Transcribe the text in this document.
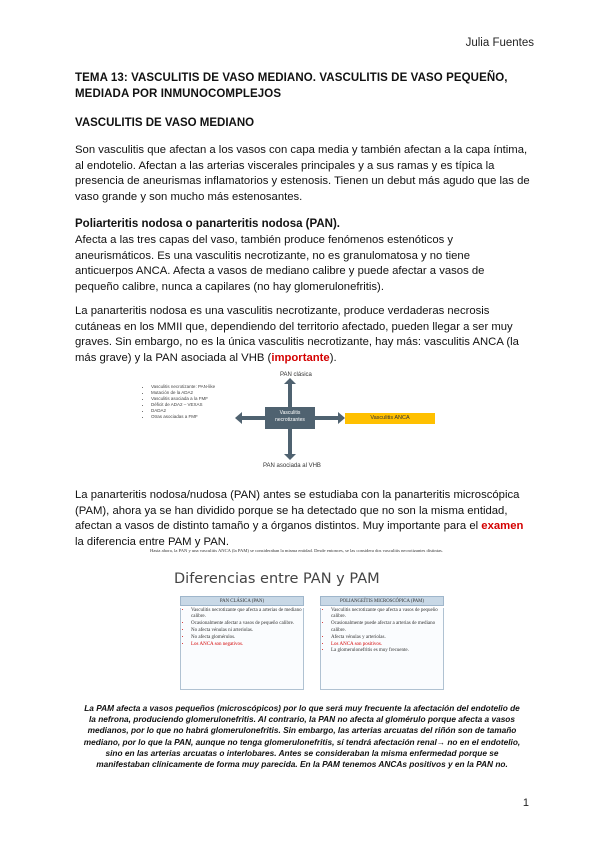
Julia Fuentes
TEMA 13: VASCULITIS DE VASO MEDIANO. VASCULITIS DE VASO PEQUEÑO, MEDIADA POR INMUNOCOMPLEJOS
VASCULITIS DE VASO MEDIANO
Son vasculitis que afectan a los vasos con capa media y también afectan a la capa íntima, al endotelio. Afectan a las arterias viscerales principales y a sus ramas y es típica la presencia de aneurismas inflamatorios y estenosis. Tienen un debut más agudo que las de vaso grande y son mucho más estenosantes.
Poliarteritis nodosa o panarteritis nodosa (PAN).
Afecta a las tres capas del vaso, también produce fenómenos estenóticos y aneurismáticos. Es una vasculitis necrotizante, no es granulomatosa y no tiene anticuerpos ANCA. Afecta a vasos de mediano calibre y puede afectar a vasos de pequeño calibre, nunca a capilares (no hay glomerulonefritis).
La panarteritis nodosa es una vasculitis necrotizante, produce verdaderas necrosis cutáneas en los MMII que, dependiendo del territorio afectado, pueden llegar a ser muy graves. Sin embargo, no es la única vasculitis necrotizante, hay más: vasculitis ANCA (la más grave) y la PAN asociada al VHB (importante).
PAN clásica
• Vasculitis necrotizante: PAN-like
• Mutación de la ADA2
• Vasculitis asociada a la FMF
• Déficit de ADA2 – VEXAS
• DADA2
• Otras asociadas a FMF
Vasculitis necrotizantes	Vasculitis ANCA
PAN asociada al VHB
La panarteritis nodosa/nudosa (PAN) antes se estudiaba con la panarteritis microscópica (PAM), ahora ya se han dividido porque se ha detectado que no son la misma entidad, afectan a vasos de distinto tamaño y a órganos distintos. Muy importante para el examen la diferencia entre PAM y PAN.
Hasta ahora, la PAN y una vasculitis ANCA (la PAM) se consideraban la misma entidad. Desde entonces, se las considera dos vasculitis necrotizantes distintas.
Diferencias entre PAN y PAM
PAN CLÁSICA (PAN)
• Vasculitis necrotizante que afecta a arterias de mediano calibre.
• Ocasionalmente afectar a vasos de pequeño calibre.
• No afecta vénulas ni arteriolas.
• No afecta glomérulos.
• Los ANCA son negativos.
POLIANGEÍTIS MICROSCÓPICA (PAM)
• Vasculitis necrotizante que afecta a vasos de pequeño calibre.
• Ocasionalmente puede afectar a arterias de mediano calibre.
• Afecta vénulas y arteriolas.
• Los ANCA son positivos.
• La glomerulonefritis es muy frecuente.
La PAM afecta a vasos pequeños (microscópicos) por lo que será muy frecuente la afectación del endotelio de la nefrona, produciendo glomerulonefritis. Al contrario, la PAN no afecta al glomérulo porque afecta a vasos medianos, por lo que no habrá glomerulonefritis. Sin embargo, las arterias arcuatas del riñón son de tamaño mediano, por lo que la PAN, aunque no tenga glomerulonefritis, sí tendrá afectación renal→ no en el endotelio, sino en las arterias arcuatas o interlobares. Antes se consideraban la misma enfermedad porque se manifestaban clínicamente de forma muy parecida. En la PAM tenemos ANCAs positivos y en la PAN no.
1
